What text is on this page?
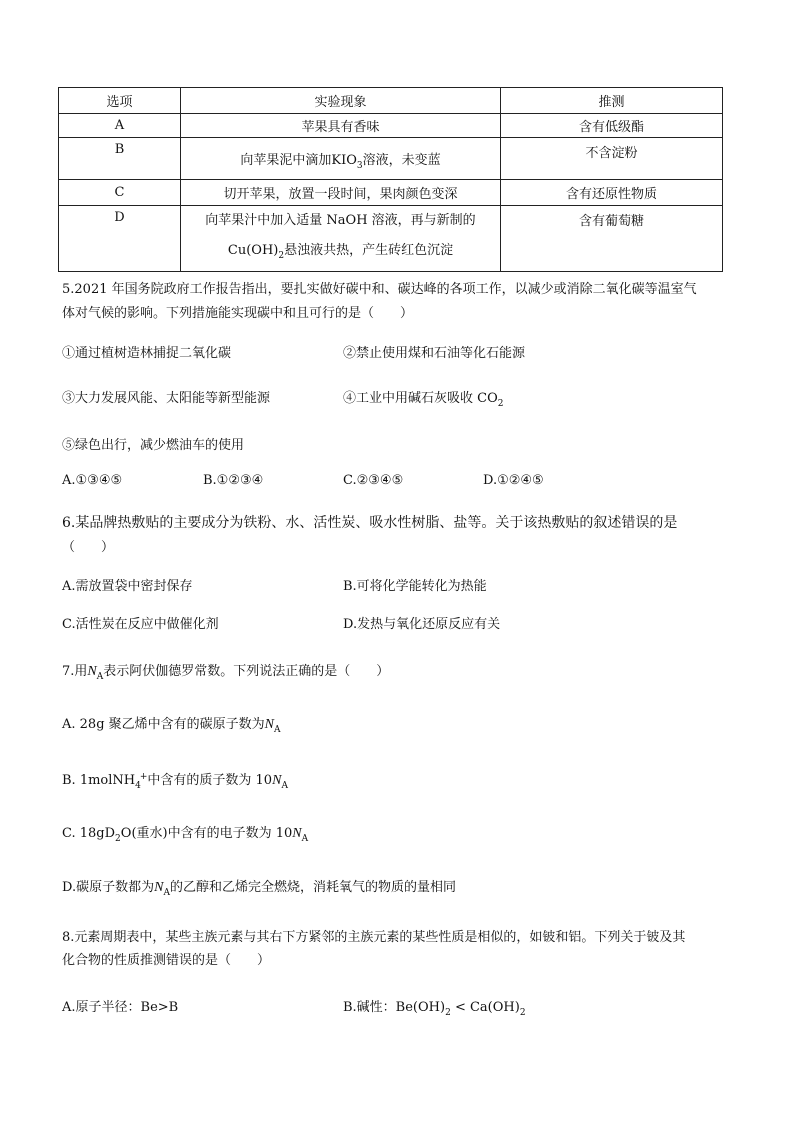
选项	实验现象	推测
A	苹果具有香味	含有低级酯
B	向苹果泥中滴加$KIO_3$溶液，未变蓝	不含淀粉
C	切开苹果，放置一段时间，果肉颜色变深	含有还原性物质
D	向苹果汁中加入适量 NaOH 溶液，再与新制的
$Cu(OH)_2$悬浊液共热，产生砖红色沉淀	含有葡萄糖
5.2021 年国务院政府工作报告指出，要扎实做好碳中和、碳达峰的各项工作，以减少或消除二氧化碳等温室气
体对气候的影响。下列措施能实现碳中和且可行的是（　　）
①通过植树造林捕捉二氧化碳	②禁止使用煤和石油等化石能源
③大力发展风能、太阳能等新型能源	④工业中用碱石灰吸收 $CO_2$
⑤绿色出行，减少燃油车的使用
A.①③④⑤	B.①②③④	C.②③④⑤	D.①②④⑤
6.某品牌热敷贴的主要成分为铁粉、水、活性炭、吸水性树脂、盐等。关于该热敷贴的叙述错误的是
（　　）
A.需放置袋中密封保存	B.可将化学能转化为热能
C.活性炭在反应中做催化剂	D.发热与氧化还原反应有关
7.用$N_A$表示阿伏伽德罗常数。下列说法正确的是（　　）
A. 28g 聚乙烯中含有的碳原子数为$N_A$
B. 1molNH$_4$+中含有的质子数为 $10N_A$
C. $18gD_2O$(重水)中含有的电子数为 $10N_A$
D.碳原子数都为$N_A$的乙醇和乙烯完全燃烧，消耗氧气的物质的量相同
8.元素周期表中，某些主族元素与其右下方紧邻的主族元素的某些性质是相似的，如铍和铝。下列关于铍及其
化合物的性质推测错误的是（　　）
A.原子半径：Be>B	B.碱性：$Be(OH)_2 < Ca(OH)_2$
